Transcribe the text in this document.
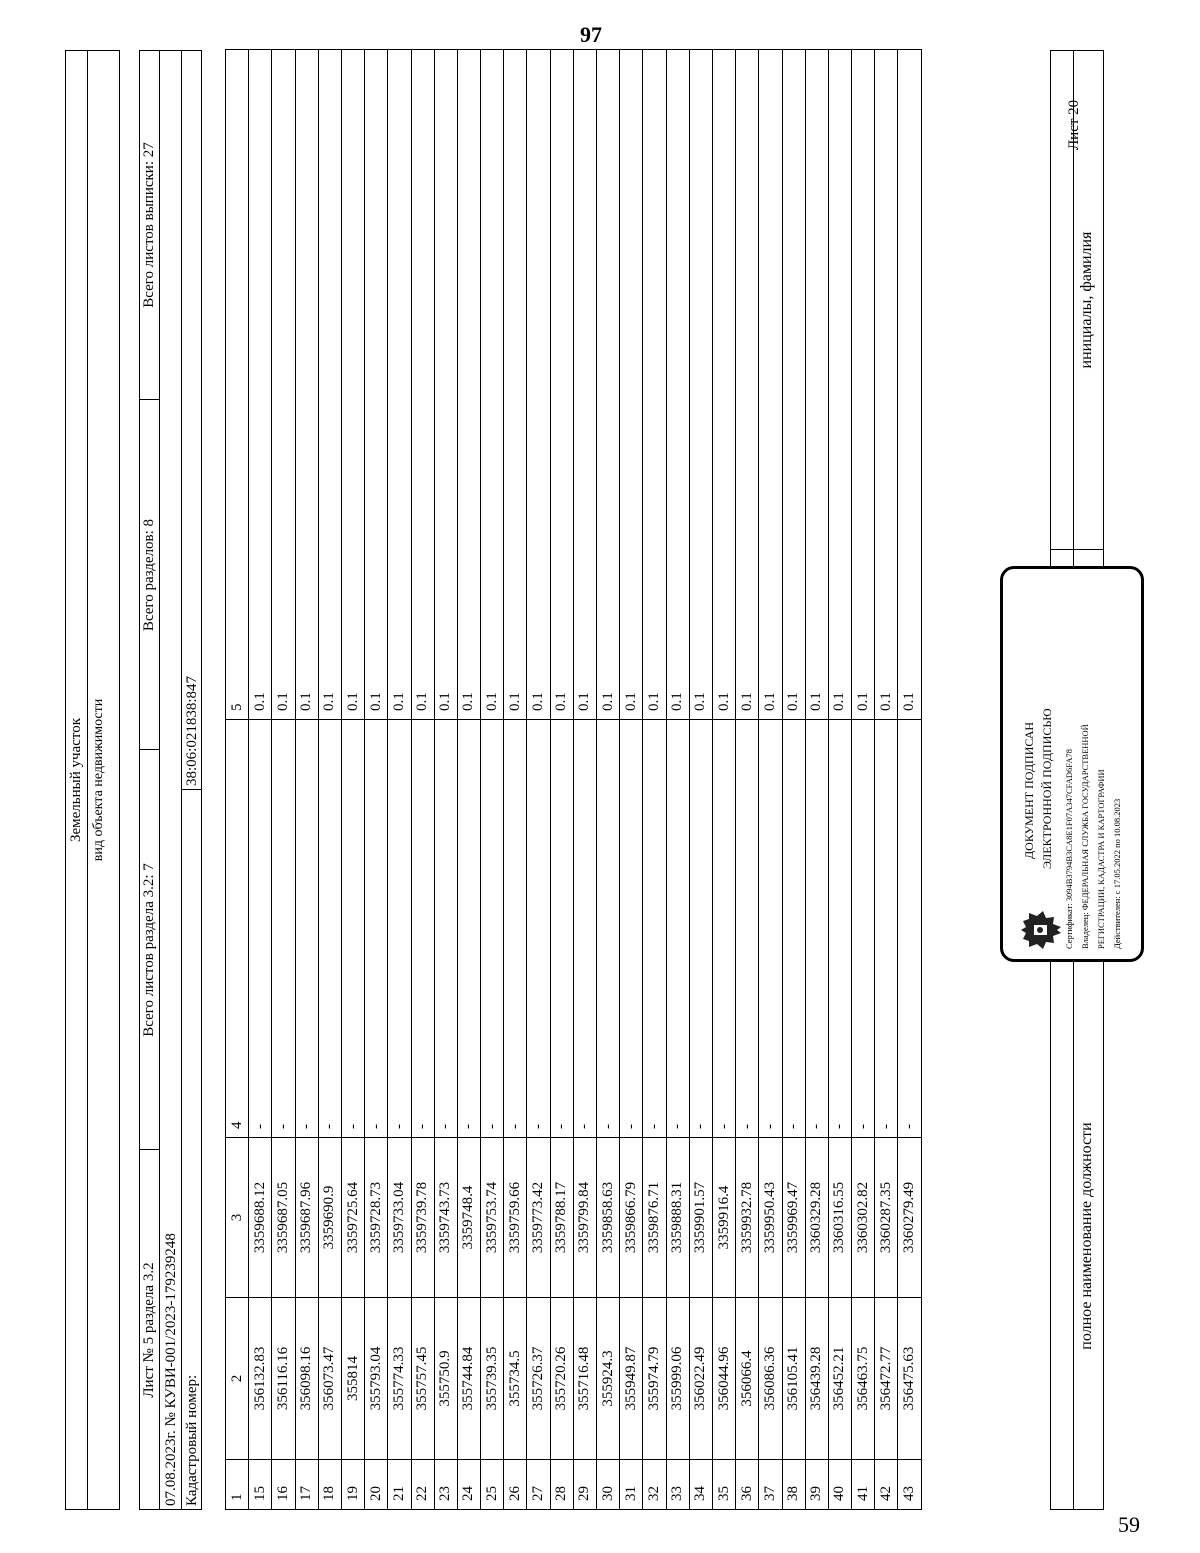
97
59
Лист 20
Земельный участок вид объекта недвижимости
Лист № 5 раздела 3.2
Всего листов раздела 3.2: 7
Всего разделов: 8
Всего листов выписки: 27
07.08.2023г. № КУВИ-001/2023-179239248 Кадастровый номер:
38:06:021838:847
1	2	3	4	5
15	356132.83	3359688.12	-	0.1
16	356116.16	3359687.05	-	0.1
17	356098.16	3359687.96	-	0.1
18	356073.47	3359690.9	-	0.1
19	355814	3359725.64	-	0.1
20	355793.04	3359728.73	-	0.1
21	355774.33	3359733.04	-	0.1
22	355757.45	3359739.78	-	0.1
23	355750.9	3359743.73	-	0.1
24	355744.84	3359748.4	-	0.1
25	355739.35	3359753.74	-	0.1
26	355734.5	3359759.66	-	0.1
27	355726.37	3359773.42	-	0.1
28	355720.26	3359788.17	-	0.1
29	355716.48	3359799.84	-	0.1
30	355924.3	3359858.63	-	0.1
31	355949.87	3359866.79	-	0.1
32	355974.79	3359876.71	-	0.1
33	355999.06	3359888.31	-	0.1
34	356022.49	3359901.57	-	0.1
35	356044.96	3359916.4	-	0.1
36	356066.4	3359932.78	-	0.1
37	356086.36	3359950.43	-	0.1
38	356105.41	3359969.47	-	0.1
39	356439.28	3360329.28	-	0.1
40	356452.21	3360316.55	-	0.1
41	356463.75	3360302.82	-	0.1
42	356472.77	3360287.35	-	0.1
43	356475.63	3360279.49	-	0.1
полное наименование должности
инициалы, фамилия
ДОКУМЕНТ ПОДПИСАН ЭЛЕКТРОННОЙ ПОДПИСЬЮ Сертификат: 3094B3794B3CA8E1F07A347CFAD6FA78 Владелец: ФЕДЕРАЛЬНАЯ СЛУЖБА ГОСУДАРСТВЕННОЙ РЕГИСТРАЦИИ, КАДАСТРА И КАРТОГРАФИИ Действителен: с 17.05.2022 по 10.08.2023
